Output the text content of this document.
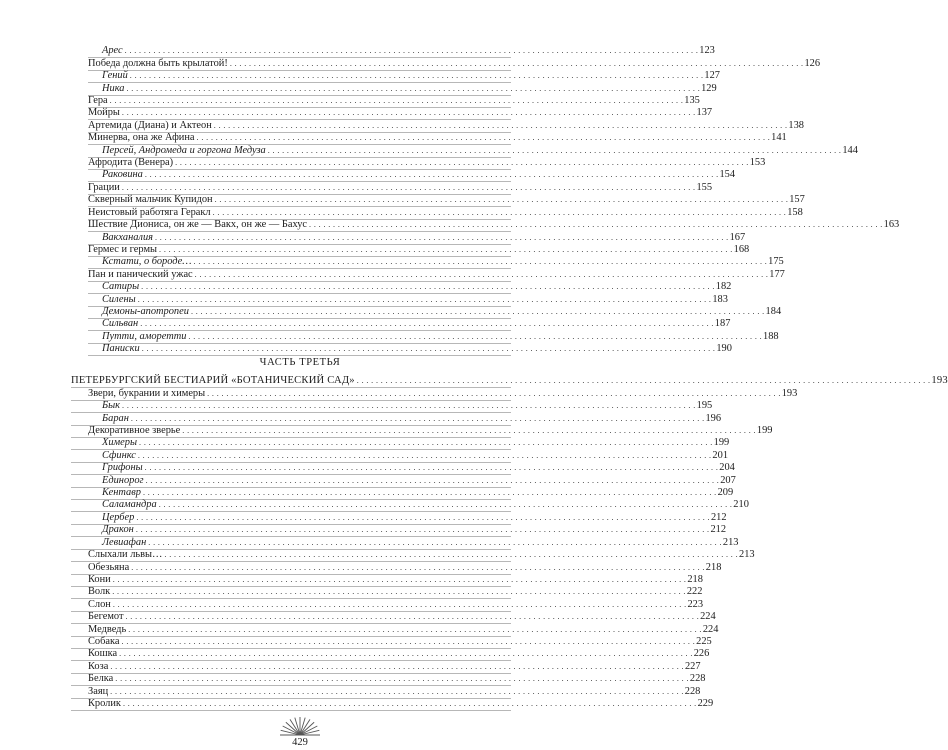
Арес . . . . . . . . . . . . . . . . . . . . . . . . . . . . . . . . . . . . . . . . . . . . . . . . . . . . . . . . . . . . . . . . . . . . . . . . . . . . . . . . . . . . . . . . . . . . . . . . . . . . . . . . . . . . . . . . . . . . . . . . 123
Победа должна быть крылатой! . . . . . . . . . . . . . . . . . . . . . . . . . . . . . . . . . . . . . . . . . . . . . . . . . . . . . . . . . . . . . . . . . . . . . . . . . . . . . . . . . . . . . . . . . . . . . . . . . . . . . . . . . . . . . . . . . . . . . . . . 126
Гений . . . . . . . . . . . . . . . . . . . . . . . . . . . . . . . . . . . . . . . . . . . . . . . . . . . . . . . . . . . . . . . . . . . . . . . . . . . . . . . . . . . . . . . . . . . . . . . . . . . . . . . . . . . . . . . . . . . . . . . . 127
Ника . . . . . . . . . . . . . . . . . . . . . . . . . . . . . . . . . . . . . . . . . . . . . . . . . . . . . . . . . . . . . . . . . . . . . . . . . . . . . . . . . . . . . . . . . . . . . . . . . . . . . . . . . . . . . . . . . . . . . . . . 129
Гера . . . . . . . . . . . . . . . . . . . . . . . . . . . . . . . . . . . . . . . . . . . . . . . . . . . . . . . . . . . . . . . . . . . . . . . . . . . . . . . . . . . . . . . . . . . . . . . . . . . . . . . . . . . . . . . . . . . . . . . . 135
Мойры . . . . . . . . . . . . . . . . . . . . . . . . . . . . . . . . . . . . . . . . . . . . . . . . . . . . . . . . . . . . . . . . . . . . . . . . . . . . . . . . . . . . . . . . . . . . . . . . . . . . . . . . . . . . . . . . . . . . . . . . 137
Артемида (Диана) и Актеон . . . . . . . . . . . . . . . . . . . . . . . . . . . . . . . . . . . . . . . . . . . . . . . . . . . . . . . . . . . . . . . . . . . . . . . . . . . . . . . . . . . . . . . . . . . . . . . . . . . . . . . . . . . . . . . . . . . . . . . . 138
Минерва, она же Афина . . . . . . . . . . . . . . . . . . . . . . . . . . . . . . . . . . . . . . . . . . . . . . . . . . . . . . . . . . . . . . . . . . . . . . . . . . . . . . . . . . . . . . . . . . . . . . . . . . . . . . . . . . . . . . . . . . . . . . . . 141
Персей, Андромеда и горгона Медуза . . . . . . . . . . . . . . . . . . . . . . . . . . . . . . . . . . . . . . . . . . . . . . . . . . . . . . . . . . . . . . . . . . . . . . . . . . . . . . . . . . . . . . . . . . . . . . . . . . . . . . . . . . . . . . . . . . . . . . . . 144
Афродита (Венера) . . . . . . . . . . . . . . . . . . . . . . . . . . . . . . . . . . . . . . . . . . . . . . . . . . . . . . . . . . . . . . . . . . . . . . . . . . . . . . . . . . . . . . . . . . . . . . . . . . . . . . . . . . . . . . . . . . . . . . . . 153
Раковина . . . . . . . . . . . . . . . . . . . . . . . . . . . . . . . . . . . . . . . . . . . . . . . . . . . . . . . . . . . . . . . . . . . . . . . . . . . . . . . . . . . . . . . . . . . . . . . . . . . . . . . . . . . . . . . . . . . . . . . . 154
Грации . . . . . . . . . . . . . . . . . . . . . . . . . . . . . . . . . . . . . . . . . . . . . . . . . . . . . . . . . . . . . . . . . . . . . . . . . . . . . . . . . . . . . . . . . . . . . . . . . . . . . . . . . . . . . . . . . . . . . . . . 155
Скверный мальчик Купидон . . . . . . . . . . . . . . . . . . . . . . . . . . . . . . . . . . . . . . . . . . . . . . . . . . . . . . . . . . . . . . . . . . . . . . . . . . . . . . . . . . . . . . . . . . . . . . . . . . . . . . . . . . . . . . . . . . . . . . . . 157
Неистовый работяга Геракл . . . . . . . . . . . . . . . . . . . . . . . . . . . . . . . . . . . . . . . . . . . . . . . . . . . . . . . . . . . . . . . . . . . . . . . . . . . . . . . . . . . . . . . . . . . . . . . . . . . . . . . . . . . . . . . . . . . . . . . . 158
Шествие Диониса, он же — Вакх, он же — Бахус . . . . . . . . . . . . . . . . . . . . . . . . . . . . . . . . . . . . . . . . . . . . . . . . . . . . . . . . . . . . . . . . . . . . . . . . . . . . . . . . . . . . . . . . . . . . . . . . . . . . . . . . . . . . . . . . . . . . . . . . 163
Вакханалия . . . . . . . . . . . . . . . . . . . . . . . . . . . . . . . . . . . . . . . . . . . . . . . . . . . . . . . . . . . . . . . . . . . . . . . . . . . . . . . . . . . . . . . . . . . . . . . . . . . . . . . . . . . . . . . . . . . . . . . . 167
Гермес и гермы . . . . . . . . . . . . . . . . . . . . . . . . . . . . . . . . . . . . . . . . . . . . . . . . . . . . . . . . . . . . . . . . . . . . . . . . . . . . . . . . . . . . . . . . . . . . . . . . . . . . . . . . . . . . . . . . . . . . . . . . 168
Кстати, о бороде… . . . . . . . . . . . . . . . . . . . . . . . . . . . . . . . . . . . . . . . . . . . . . . . . . . . . . . . . . . . . . . . . . . . . . . . . . . . . . . . . . . . . . . . . . . . . . . . . . . . . . . . . . . . . . . . . . . . . . . . . 175
Пан и панический ужас . . . . . . . . . . . . . . . . . . . . . . . . . . . . . . . . . . . . . . . . . . . . . . . . . . . . . . . . . . . . . . . . . . . . . . . . . . . . . . . . . . . . . . . . . . . . . . . . . . . . . . . . . . . . . . . . . . . . . . . . 177
Сатиры . . . . . . . . . . . . . . . . . . . . . . . . . . . . . . . . . . . . . . . . . . . . . . . . . . . . . . . . . . . . . . . . . . . . . . . . . . . . . . . . . . . . . . . . . . . . . . . . . . . . . . . . . . . . . . . . . . . . . . . . 182
Силены . . . . . . . . . . . . . . . . . . . . . . . . . . . . . . . . . . . . . . . . . . . . . . . . . . . . . . . . . . . . . . . . . . . . . . . . . . . . . . . . . . . . . . . . . . . . . . . . . . . . . . . . . . . . . . . . . . . . . . . . 183
Демоны-апотропеи . . . . . . . . . . . . . . . . . . . . . . . . . . . . . . . . . . . . . . . . . . . . . . . . . . . . . . . . . . . . . . . . . . . . . . . . . . . . . . . . . . . . . . . . . . . . . . . . . . . . . . . . . . . . . . . . . . . . . . . . 184
Сильван . . . . . . . . . . . . . . . . . . . . . . . . . . . . . . . . . . . . . . . . . . . . . . . . . . . . . . . . . . . . . . . . . . . . . . . . . . . . . . . . . . . . . . . . . . . . . . . . . . . . . . . . . . . . . . . . . . . . . . . . 187
Путти, амоpетти . . . . . . . . . . . . . . . . . . . . . . . . . . . . . . . . . . . . . . . . . . . . . . . . . . . . . . . . . . . . . . . . . . . . . . . . . . . . . . . . . . . . . . . . . . . . . . . . . . . . . . . . . . . . . . . . . . . . . . . . 188
Паниски . . . . . . . . . . . . . . . . . . . . . . . . . . . . . . . . . . . . . . . . . . . . . . . . . . . . . . . . . . . . . . . . . . . . . . . . . . . . . . . . . . . . . . . . . . . . . . . . . . . . . . . . . . . . . . . . . . . . . . . . 190
ЧАСТЬ ТРЕТЬЯ
ПЕТЕРБУРГСКИЙ БЕСТИАРИЙ «БОТАНИЧЕСКИЙ САД» . . . . . . . . . . . . . . . . . . . . . . . . . . . . . . . . . . . . . . . . . . . . . . . . . . . . . . . . . . . . . . . . . . . . . . . . . . . . . . . . . . . . . . . . . . . . . . . . . . . . . . . . . . . . . . . . . . . . . . . . 193
Звери, букрании и химеры . . . . . . . . . . . . . . . . . . . . . . . . . . . . . . . . . . . . . . . . . . . . . . . . . . . . . . . . . . . . . . . . . . . . . . . . . . . . . . . . . . . . . . . . . . . . . . . . . . . . . . . . . . . . . . . . . . . . . . . . 193
Бык . . . . . . . . . . . . . . . . . . . . . . . . . . . . . . . . . . . . . . . . . . . . . . . . . . . . . . . . . . . . . . . . . . . . . . . . . . . . . . . . . . . . . . . . . . . . . . . . . . . . . . . . . . . . . . . . . . . . . . . . 195
Баран . . . . . . . . . . . . . . . . . . . . . . . . . . . . . . . . . . . . . . . . . . . . . . . . . . . . . . . . . . . . . . . . . . . . . . . . . . . . . . . . . . . . . . . . . . . . . . . . . . . . . . . . . . . . . . . . . . . . . . . . 196
Декоративное зверье . . . . . . . . . . . . . . . . . . . . . . . . . . . . . . . . . . . . . . . . . . . . . . . . . . . . . . . . . . . . . . . . . . . . . . . . . . . . . . . . . . . . . . . . . . . . . . . . . . . . . . . . . . . . . . . . . . . . . . . . 199
Химеры . . . . . . . . . . . . . . . . . . . . . . . . . . . . . . . . . . . . . . . . . . . . . . . . . . . . . . . . . . . . . . . . . . . . . . . . . . . . . . . . . . . . . . . . . . . . . . . . . . . . . . . . . . . . . . . . . . . . . . . . 199
Сфинкс . . . . . . . . . . . . . . . . . . . . . . . . . . . . . . . . . . . . . . . . . . . . . . . . . . . . . . . . . . . . . . . . . . . . . . . . . . . . . . . . . . . . . . . . . . . . . . . . . . . . . . . . . . . . . . . . . . . . . . . . 201
Грифоны . . . . . . . . . . . . . . . . . . . . . . . . . . . . . . . . . . . . . . . . . . . . . . . . . . . . . . . . . . . . . . . . . . . . . . . . . . . . . . . . . . . . . . . . . . . . . . . . . . . . . . . . . . . . . . . . . . . . . . . . 204
Единорог . . . . . . . . . . . . . . . . . . . . . . . . . . . . . . . . . . . . . . . . . . . . . . . . . . . . . . . . . . . . . . . . . . . . . . . . . . . . . . . . . . . . . . . . . . . . . . . . . . . . . . . . . . . . . . . . . . . . . . . . 207
Кентавр . . . . . . . . . . . . . . . . . . . . . . . . . . . . . . . . . . . . . . . . . . . . . . . . . . . . . . . . . . . . . . . . . . . . . . . . . . . . . . . . . . . . . . . . . . . . . . . . . . . . . . . . . . . . . . . . . . . . . . . . 209
Саламандра . . . . . . . . . . . . . . . . . . . . . . . . . . . . . . . . . . . . . . . . . . . . . . . . . . . . . . . . . . . . . . . . . . . . . . . . . . . . . . . . . . . . . . . . . . . . . . . . . . . . . . . . . . . . . . . . . . . . . . . . 210
Цербер . . . . . . . . . . . . . . . . . . . . . . . . . . . . . . . . . . . . . . . . . . . . . . . . . . . . . . . . . . . . . . . . . . . . . . . . . . . . . . . . . . . . . . . . . . . . . . . . . . . . . . . . . . . . . . . . . . . . . . . . 212
Дракон . . . . . . . . . . . . . . . . . . . . . . . . . . . . . . . . . . . . . . . . . . . . . . . . . . . . . . . . . . . . . . . . . . . . . . . . . . . . . . . . . . . . . . . . . . . . . . . . . . . . . . . . . . . . . . . . . . . . . . . . 212
Левиафан . . . . . . . . . . . . . . . . . . . . . . . . . . . . . . . . . . . . . . . . . . . . . . . . . . . . . . . . . . . . . . . . . . . . . . . . . . . . . . . . . . . . . . . . . . . . . . . . . . . . . . . . . . . . . . . . . . . . . . . . 213
Слыхали львы… . . . . . . . . . . . . . . . . . . . . . . . . . . . . . . . . . . . . . . . . . . . . . . . . . . . . . . . . . . . . . . . . . . . . . . . . . . . . . . . . . . . . . . . . . . . . . . . . . . . . . . . . . . . . . . . . . . . . . . . . 213
Обезьяна . . . . . . . . . . . . . . . . . . . . . . . . . . . . . . . . . . . . . . . . . . . . . . . . . . . . . . . . . . . . . . . . . . . . . . . . . . . . . . . . . . . . . . . . . . . . . . . . . . . . . . . . . . . . . . . . . . . . . . . . 218
Кони . . . . . . . . . . . . . . . . . . . . . . . . . . . . . . . . . . . . . . . . . . . . . . . . . . . . . . . . . . . . . . . . . . . . . . . . . . . . . . . . . . . . . . . . . . . . . . . . . . . . . . . . . . . . . . . . . . . . . . . . 218
Волк . . . . . . . . . . . . . . . . . . . . . . . . . . . . . . . . . . . . . . . . . . . . . . . . . . . . . . . . . . . . . . . . . . . . . . . . . . . . . . . . . . . . . . . . . . . . . . . . . . . . . . . . . . . . . . . . . . . . . . . . 222
Слон . . . . . . . . . . . . . . . . . . . . . . . . . . . . . . . . . . . . . . . . . . . . . . . . . . . . . . . . . . . . . . . . . . . . . . . . . . . . . . . . . . . . . . . . . . . . . . . . . . . . . . . . . . . . . . . . . . . . . . . . 223
Бегемот . . . . . . . . . . . . . . . . . . . . . . . . . . . . . . . . . . . . . . . . . . . . . . . . . . . . . . . . . . . . . . . . . . . . . . . . . . . . . . . . . . . . . . . . . . . . . . . . . . . . . . . . . . . . . . . . . . . . . . . . 224
Медведь . . . . . . . . . . . . . . . . . . . . . . . . . . . . . . . . . . . . . . . . . . . . . . . . . . . . . . . . . . . . . . . . . . . . . . . . . . . . . . . . . . . . . . . . . . . . . . . . . . . . . . . . . . . . . . . . . . . . . . . . 224
Собака . . . . . . . . . . . . . . . . . . . . . . . . . . . . . . . . . . . . . . . . . . . . . . . . . . . . . . . . . . . . . . . . . . . . . . . . . . . . . . . . . . . . . . . . . . . . . . . . . . . . . . . . . . . . . . . . . . . . . . . . 225
Кошка . . . . . . . . . . . . . . . . . . . . . . . . . . . . . . . . . . . . . . . . . . . . . . . . . . . . . . . . . . . . . . . . . . . . . . . . . . . . . . . . . . . . . . . . . . . . . . . . . . . . . . . . . . . . . . . . . . . . . . . . 226
Коза . . . . . . . . . . . . . . . . . . . . . . . . . . . . . . . . . . . . . . . . . . . . . . . . . . . . . . . . . . . . . . . . . . . . . . . . . . . . . . . . . . . . . . . . . . . . . . . . . . . . . . . . . . . . . . . . . . . . . . . . 227
Белка . . . . . . . . . . . . . . . . . . . . . . . . . . . . . . . . . . . . . . . . . . . . . . . . . . . . . . . . . . . . . . . . . . . . . . . . . . . . . . . . . . . . . . . . . . . . . . . . . . . . . . . . . . . . . . . . . . . . . . . . 228
Заяц . . . . . . . . . . . . . . . . . . . . . . . . . . . . . . . . . . . . . . . . . . . . . . . . . . . . . . . . . . . . . . . . . . . . . . . . . . . . . . . . . . . . . . . . . . . . . . . . . . . . . . . . . . . . . . . . . . . . . . . . 228
Кролик . . . . . . . . . . . . . . . . . . . . . . . . . . . . . . . . . . . . . . . . . . . . . . . . . . . . . . . . . . . . . . . . . . . . . . . . . . . . . . . . . . . . . . . . . . . . . . . . . . . . . . . . . . . . . . . . . . . . . . . . 229
429
